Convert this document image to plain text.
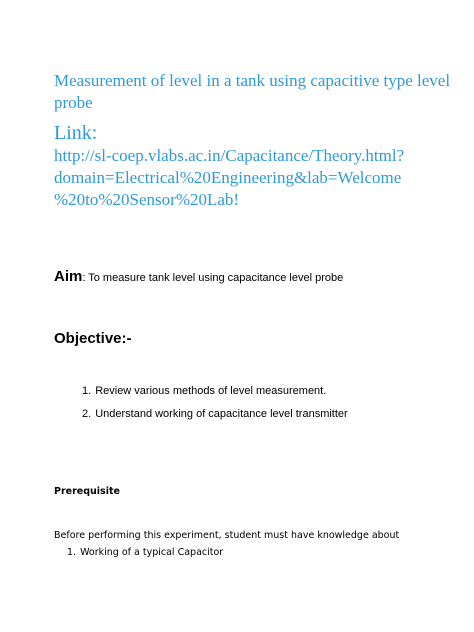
Measurement of level in a tank using capacitive type level probe
Link:
http://sl-coep.vlabs.ac.in/Capacitance/Theory.html?
domain=Electrical%20Engineering&lab=Welcome
%20to%20Sensor%20Lab!
Aim: To measure tank level using capacitance level probe
Objective:-
1. Review various methods of level measurement.
2. Understand working of capacitance level transmitter
Prerequisite
Before performing this experiment, student must have knowledge about
1. Working of a typical Capacitor
